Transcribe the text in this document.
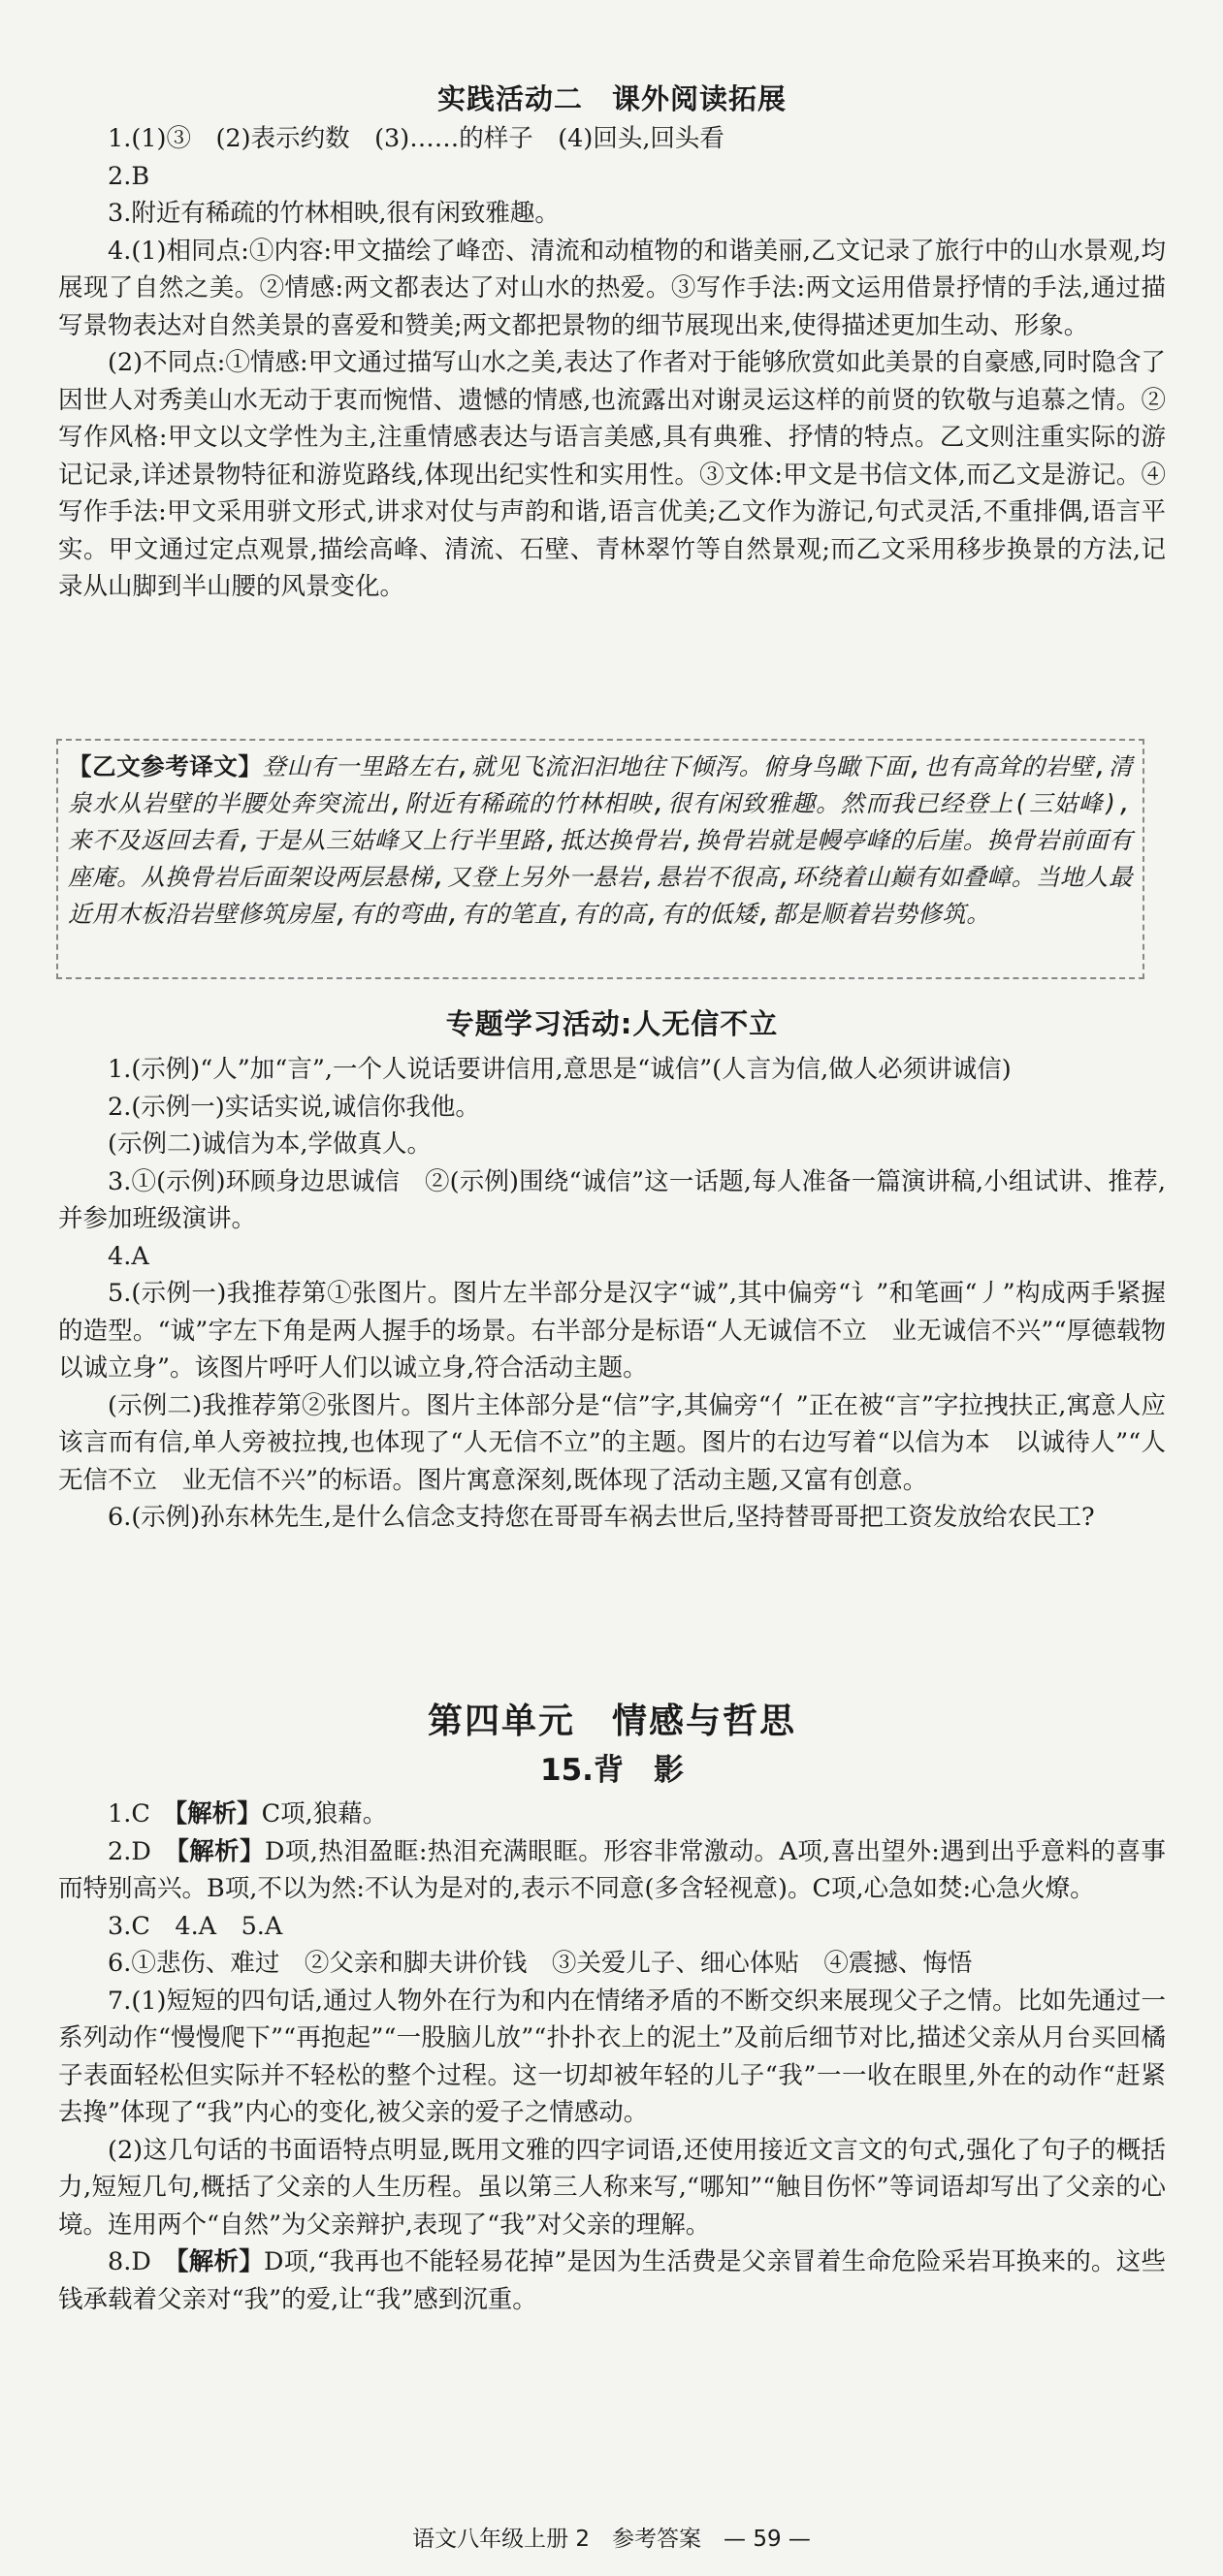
实践活动二　课外阅读拓展

1.(1)③　(2)表示约数　(3)……的样子　(4)回头,回头看

2.B

3.附近有稀疏的竹林相映,很有闲致雅趣。

4.(1)相同点:①内容:甲文描绘了峰峦、清流和动植物的和谐美丽,乙文记录了旅行中的山水景观,均展现了自然之美。②情感:两文都表达了对山水的热爱。③写作手法:两文运用借景抒情的手法,通过描写景物表达对自然美景的喜爱和赞美;两文都把景物的细节展现出来,使得描述更加生动、形象。

(2)不同点:①情感:甲文通过描写山水之美,表达了作者对于能够欣赏如此美景的自豪感,同时隐含了因世人对秀美山水无动于衷而惋惜、遗憾的情感,也流露出对谢灵运这样的前贤的钦敬与追慕之情。②写作风格:甲文以文学性为主,注重情感表达与语言美感,具有典雅、抒情的特点。乙文则注重实际的游记记录,详述景物特征和游览路线,体现出纪实性和实用性。③文体:甲文是书信文体,而乙文是游记。④写作手法:甲文采用骈文形式,讲求对仗与声韵和谐,语言优美;乙文作为游记,句式灵活,不重排偶,语言平实。甲文通过定点观景,描绘高峰、清流、石壁、青林翠竹等自然景观;而乙文采用移步换景的方法,记录从山脚到半山腰的风景变化。

【乙文参考译文】登山有一里路左右,就见飞流汩汩地往下倾泻。俯身鸟瞰下面,也有高耸的岩壁,清泉水从岩壁的半腰处奔突流出,附近有稀疏的竹林相映,很有闲致雅趣。然而我已经登上(三姑峰),来不及返回去看,于是从三姑峰又上行半里路,抵达换骨岩,换骨岩就是幔亭峰的后崖。换骨岩前面有座庵。从换骨岩后面架设两层悬梯,又登上另外一悬岩,悬岩不很高,环绕着山巅有如叠嶂。当地人最近用木板沿岩壁修筑房屋,有的弯曲,有的笔直,有的高,有的低矮,都是顺着岩势修筑。

专题学习活动:人无信不立

1.(示例)“人”加“言”,一个人说话要讲信用,意思是“诚信”(人言为信,做人必须讲诚信)

2.(示例一)实话实说,诚信你我他。

(示例二)诚信为本,学做真人。

3.①(示例)环顾身边思诚信　②(示例)围绕“诚信”这一话题,每人准备一篇演讲稿,小组试讲、推荐,并参加班级演讲。

4.A

5.(示例一)我推荐第①张图片。图片左半部分是汉字“诚”,其中偏旁“讠”和笔画“丿”构成两手紧握的造型。“诚”字左下角是两人握手的场景。右半部分是标语“人无诚信不立　业无诚信不兴”“厚德载物　以诚立身”。该图片呼吁人们以诚立身,符合活动主题。

(示例二)我推荐第②张图片。图片主体部分是“信”字,其偏旁“亻”正在被“言”字拉拽扶正,寓意人应该言而有信,单人旁被拉拽,也体现了“人无信不立”的主题。图片的右边写着“以信为本　以诚待人”“人无信不立　业无信不兴”的标语。图片寓意深刻,既体现了活动主题,又富有创意。

6.(示例)孙东林先生,是什么信念支持您在哥哥车祸去世后,坚持替哥哥把工资发放给农民工?

第四单元　情感与哲思
15.背　影

1.C　【解析】C项,狼藉。

2.D　【解析】D项,热泪盈眶:热泪充满眼眶。形容非常激动。A项,喜出望外:遇到出乎意料的喜事而特别高兴。B项,不以为然:不认为是对的,表示不同意(多含轻视意)。C项,心急如焚:心急火燎。

3.C　4.A　5.A

6.①悲伤、难过　②父亲和脚夫讲价钱　③关爱儿子、细心体贴　④震撼、悔悟

7.(1)短短的四句话,通过人物外在行为和内在情绪矛盾的不断交织来展现父子之情。比如先通过一系列动作“慢慢爬下”“再抱起”“一股脑儿放”“扑扑衣上的泥土”及前后细节对比,描述父亲从月台买回橘子表面轻松但实际并不轻松的整个过程。这一切却被年轻的儿子“我”一一收在眼里,外在的动作“赶紧去搀”体现了“我”内心的变化,被父亲的爱子之情感动。

(2)这几句话的书面语特点明显,既用文雅的四字词语,还使用接近文言文的句式,强化了句子的概括力,短短几句,概括了父亲的人生历程。虽以第三人称来写,“哪知”“触目伤怀”等词语却写出了父亲的心境。连用两个“自然”为父亲辩护,表现了“我”对父亲的理解。

8.D　【解析】D项,“我再也不能轻易花掉”是因为生活费是父亲冒着生命危险采岩耳换来的。这些钱承载着父亲对“我”的爱,让“我”感到沉重。

语文八年级上册 2　参考答案　— 59 —
